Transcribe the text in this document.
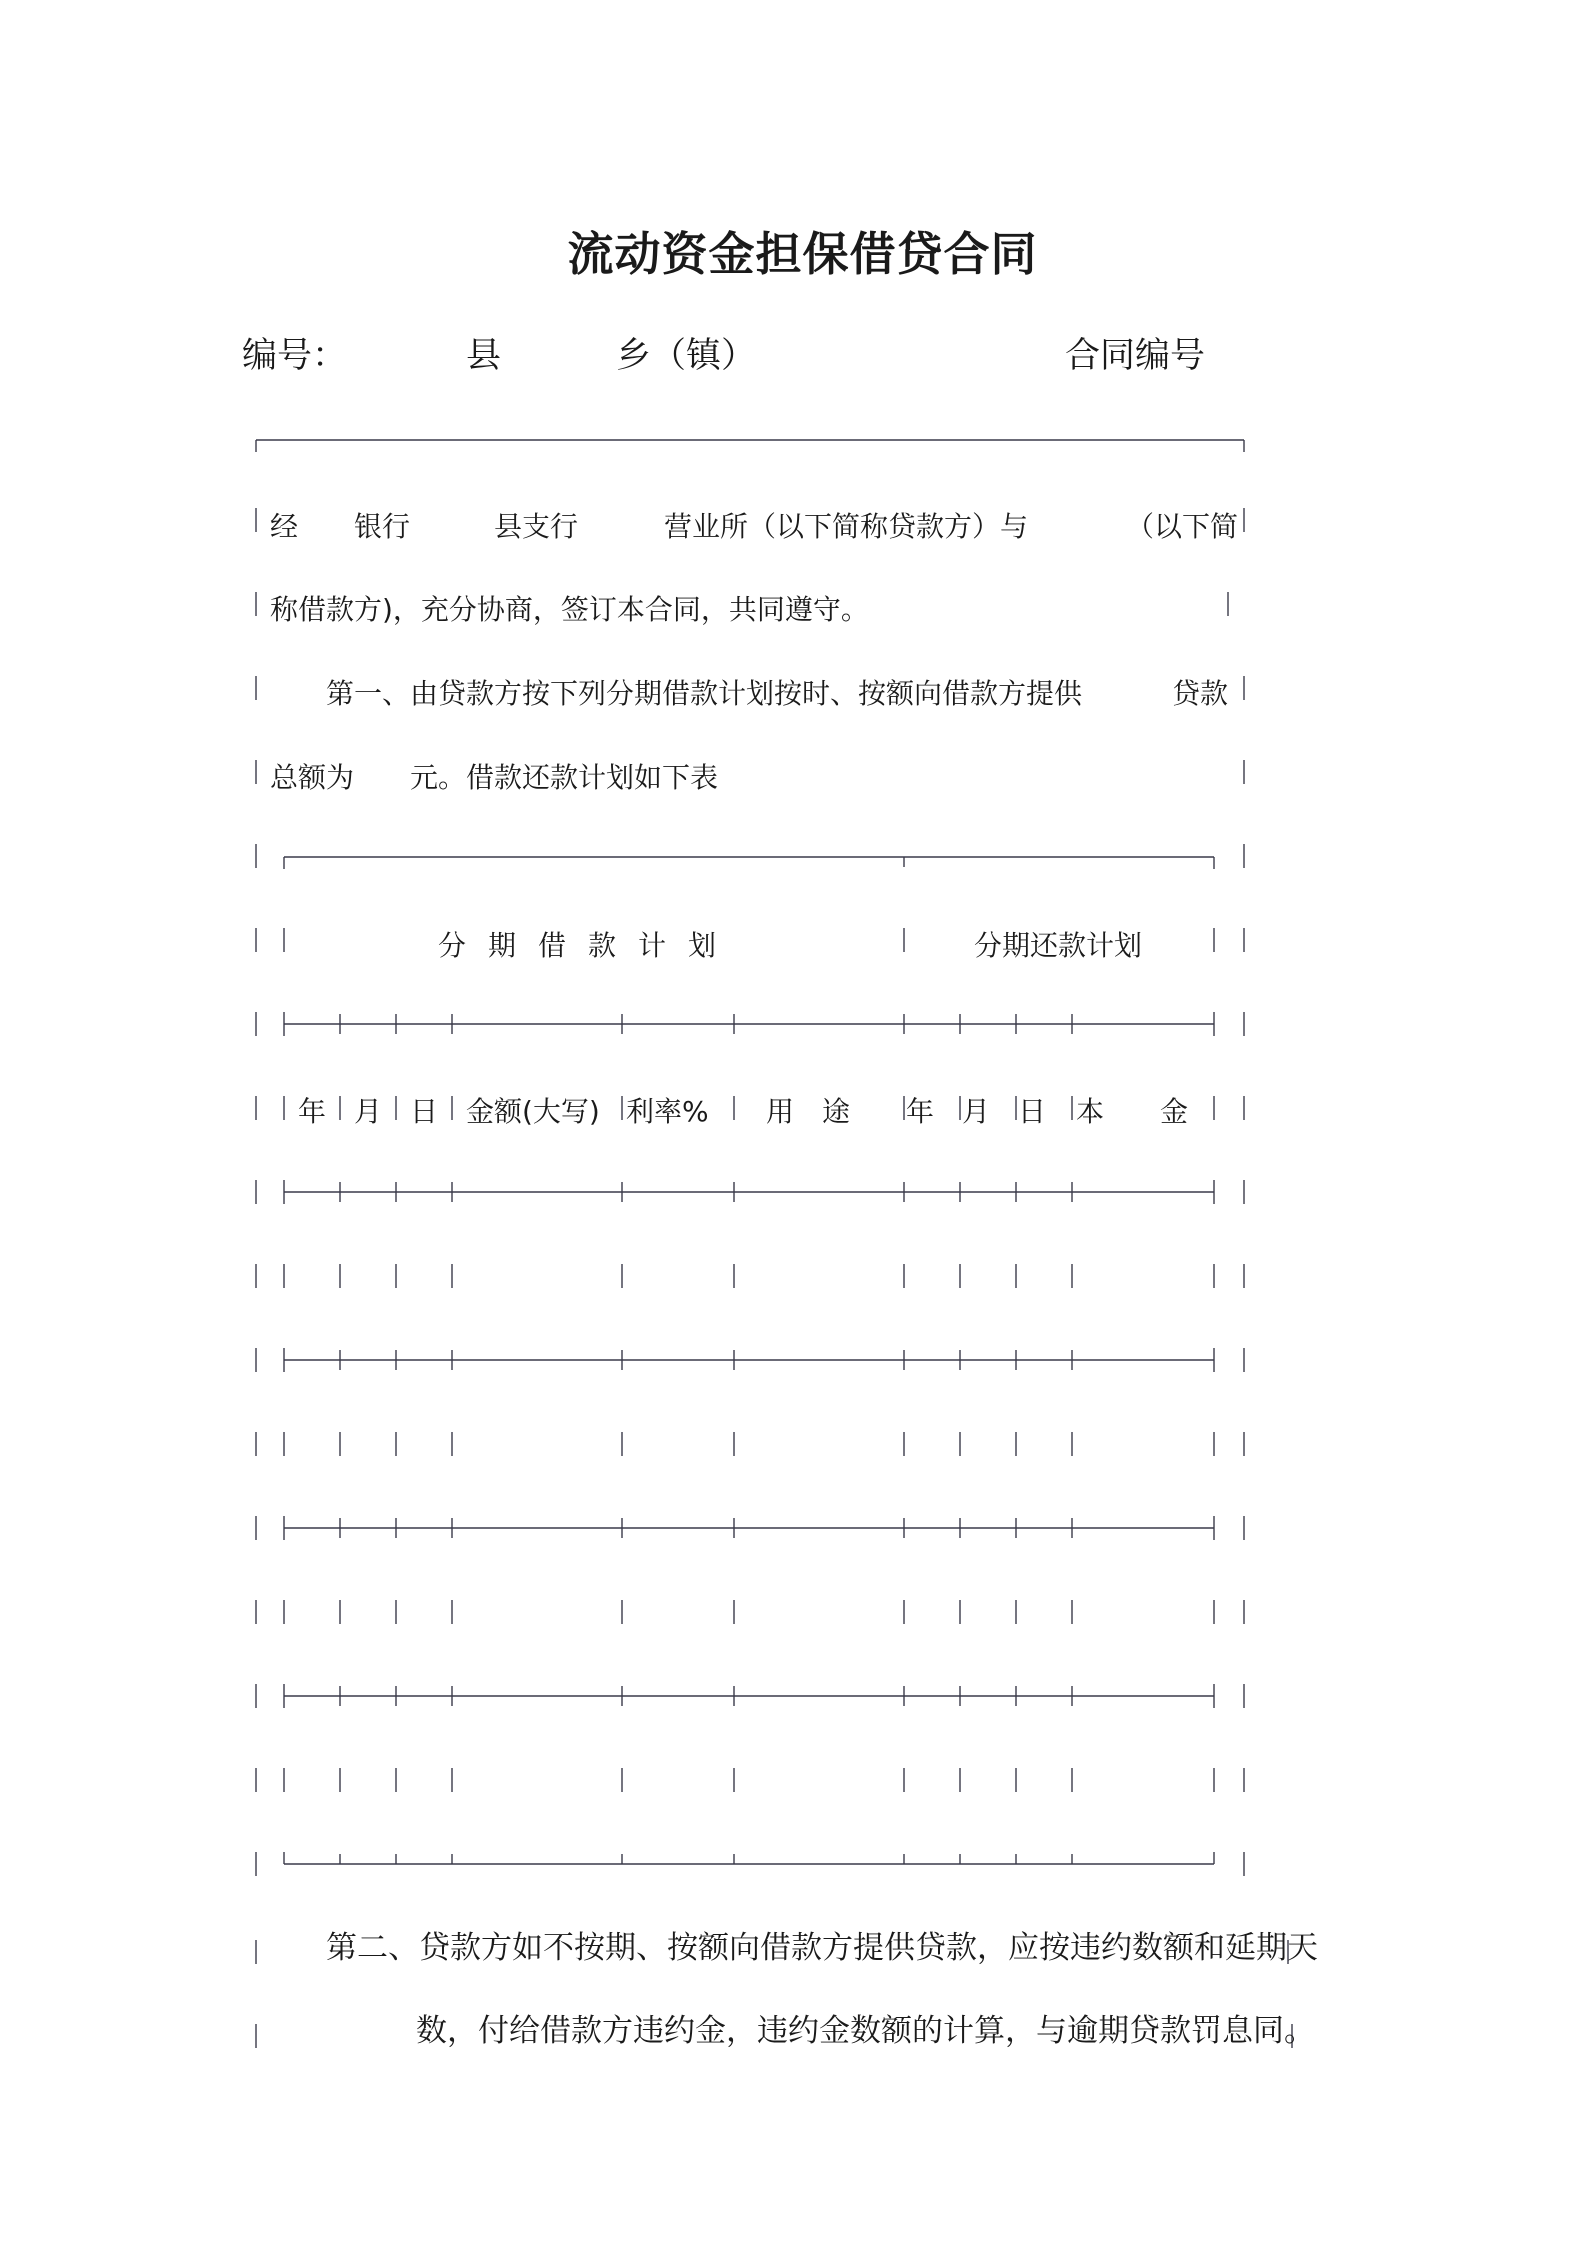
流动资金担保借贷合同
编号：	县	乡（镇）	合同编号
经 银行	县支行	营业所（以下简称贷款方）与	（以下简
称借款方)，充分协商，签订本合同，共同遵守。
第一、由贷款方按下列分期借款计划按时、按额向借款方提供	贷款
总额为 元。借款还款计划如下表
分期借款计划	分期还款计划
年 月 日 金额(大写) 利率% 用　途 年 月 日 本　　金
第二、贷款方如不按期、按额向借款方提供贷款，应按违约数额和延期天
数，付给借款方违约金，违约金数额的计算，与逾期贷款罚息同。
